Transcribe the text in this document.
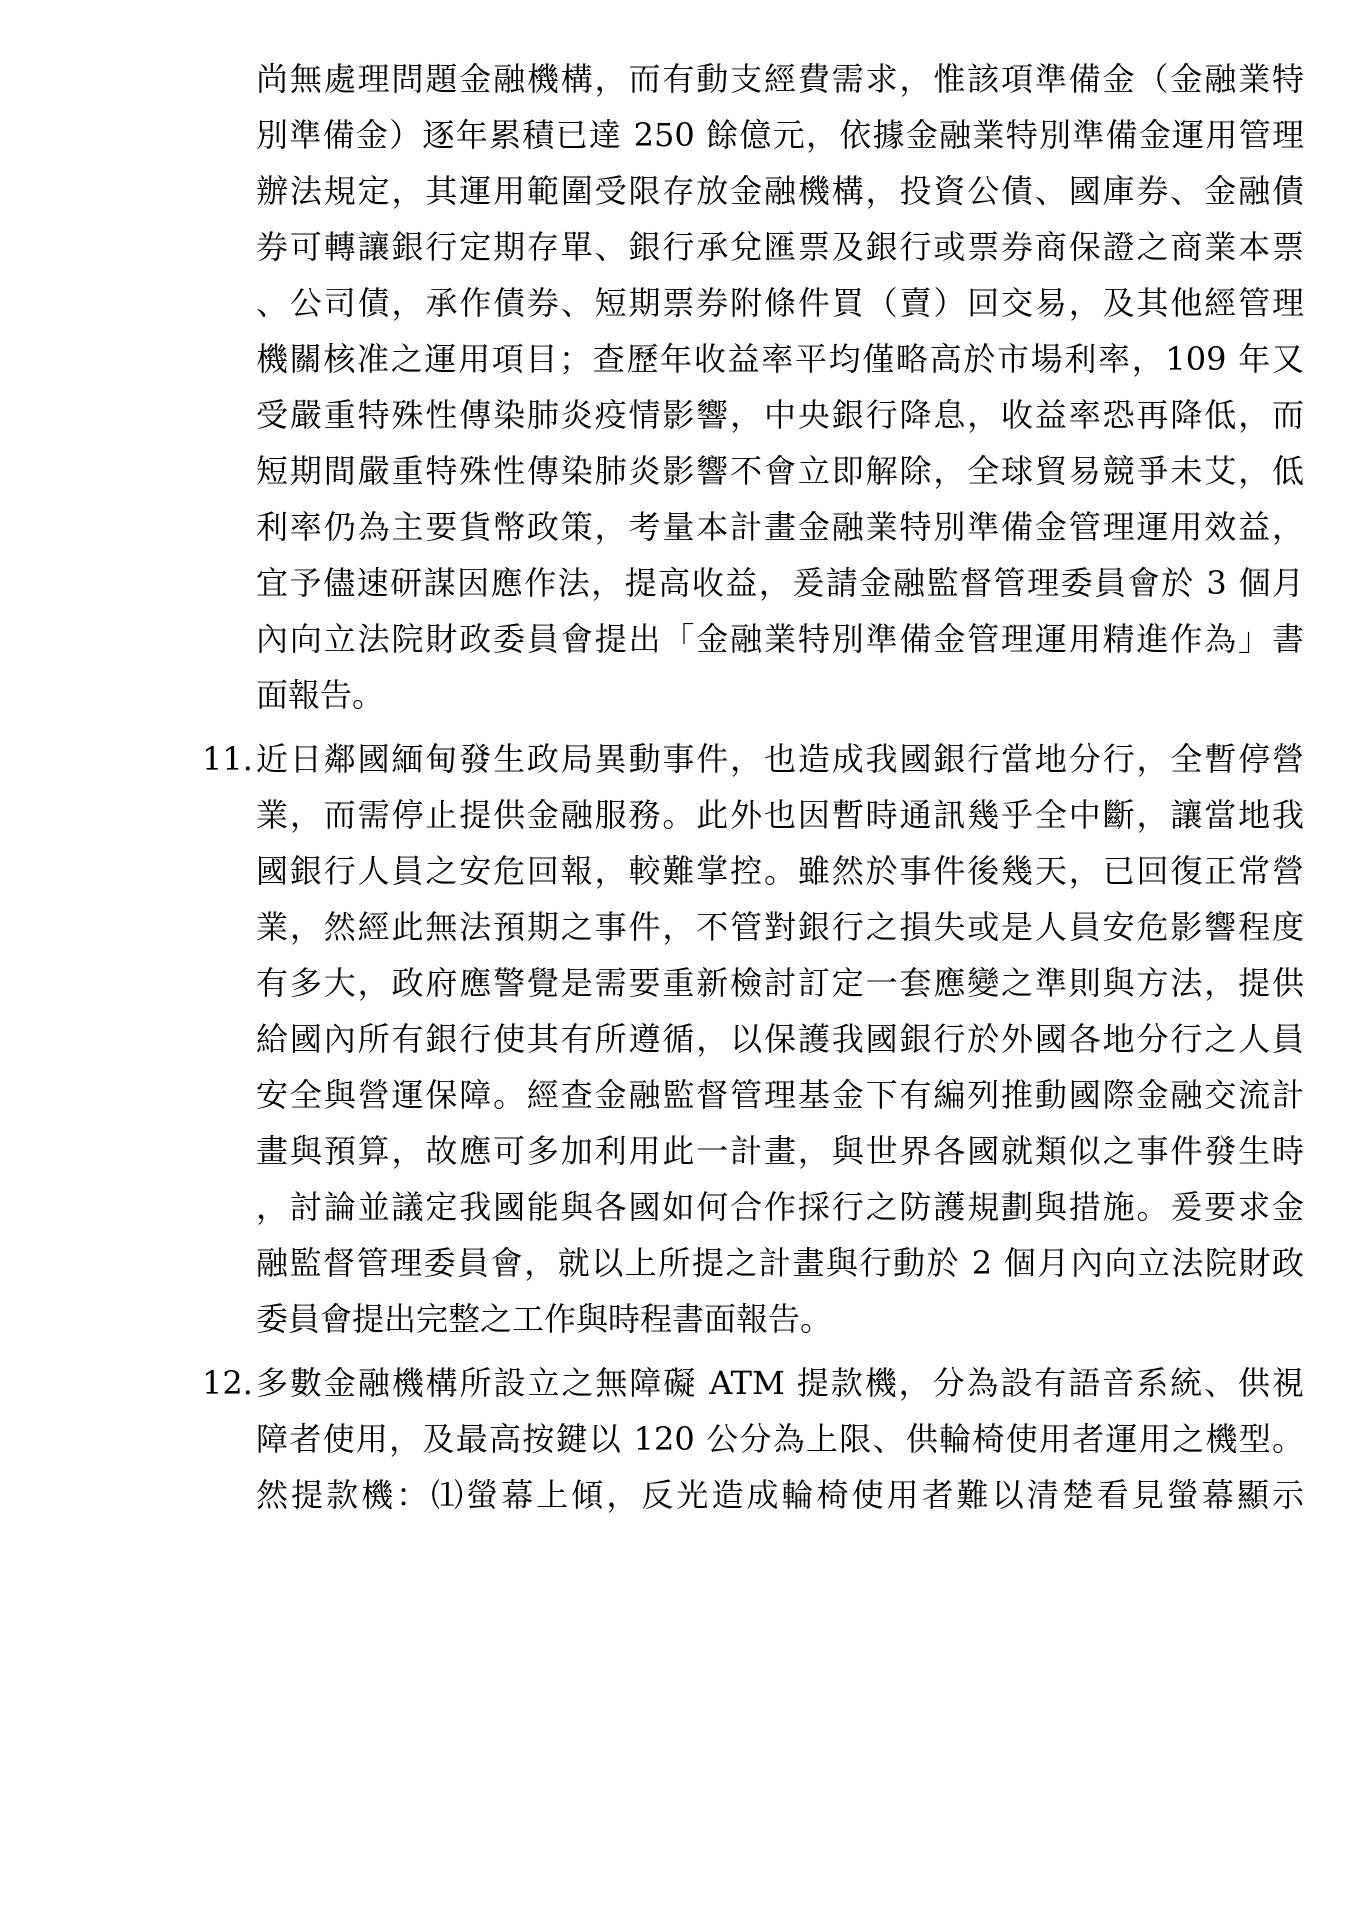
尚無處理問題金融機構，而有動支經費需求，惟該項準備金（金融業特
別準備金）逐年累積已達 250 餘億元，依據金融業特別準備金運用管理
辦法規定，其運用範圍受限存放金融機構，投資公債、國庫券、金融債
券可轉讓銀行定期存單、銀行承兌匯票及銀行或票券商保證之商業本票
、公司債，承作債券、短期票券附條件買（賣）回交易，及其他經管理
機關核准之運用項目；查歷年收益率平均僅略高於市場利率，109 年又
受嚴重特殊性傳染肺炎疫情影響，中央銀行降息，收益率恐再降低，而
短期間嚴重特殊性傳染肺炎影響不會立即解除，全球貿易競爭未艾，低
利率仍為主要貨幣政策，考量本計畫金融業特別準備金管理運用效益，
宜予儘速研謀因應作法，提高收益，爰請金融監督管理委員會於 3 個月
內向立法院財政委員會提出「金融業特別準備金管理運用精進作為」書
面報告。
11. 近日鄰國緬甸發生政局異動事件，也造成我國銀行當地分行，全暫停營
業，而需停止提供金融服務。此外也因暫時通訊幾乎全中斷，讓當地我
國銀行人員之安危回報，較難掌控。雖然於事件後幾天，已回復正常營
業，然經此無法預期之事件，不管對銀行之損失或是人員安危影響程度
有多大，政府應警覺是需要重新檢討訂定一套應變之準則與方法，提供
給國內所有銀行使其有所遵循，以保護我國銀行於外國各地分行之人員
安全與營運保障。經查金融監督管理基金下有編列推動國際金融交流計
畫與預算，故應可多加利用此一計畫，與世界各國就類似之事件發生時
，討論並議定我國能與各國如何合作採行之防護規劃與措施。爰要求金
融監督管理委員會，就以上所提之計畫與行動於 2 個月內向立法院財政
委員會提出完整之工作與時程書面報告。
12. 多數金融機構所設立之無障礙 ATM 提款機，分為設有語音系統、供視
障者使用，及最高按鍵以 120 公分為上限、供輪椅使用者運用之機型。
然提款機：⑴螢幕上傾，反光造成輪椅使用者難以清楚看見螢幕顯示
